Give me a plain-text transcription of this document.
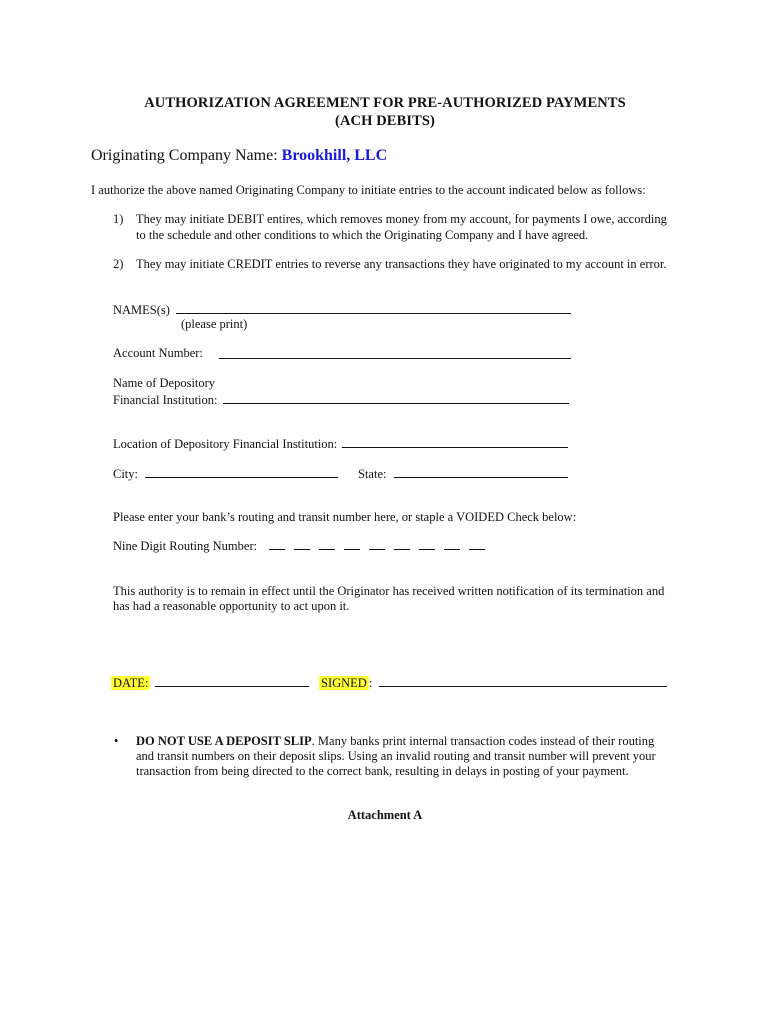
AUTHORIZATION AGREEMENT FOR PRE-AUTHORIZED PAYMENTS
(ACH DEBITS)
Originating Company Name: Brookhill, LLC
I authorize the above named Originating Company to initiate entries to the account indicated below as follows:
1) They may initiate DEBIT entires, which removes money from my account, for payments I owe, according
to the schedule and other conditions to which the Originating Company and I have agreed.
2) They may initiate CREDIT entries to reverse any transactions they have originated to my account in error.
NAMES(s)
(please print)
Account Number:
Name of Depository
Financial Institution:
Location of Depository Financial Institution:
City:	State:
Please enter your bank’s routing and transit number here, or staple a VOIDED Check below:
Nine Digit Routing Number:
This authority is to remain in effect until the Originator has received written notification of its termination and
has had a reasonable opportunity to act upon it.
DATE:	SIGNED :
• DO NOT USE A DEPOSIT SLIP. Many banks print internal transaction codes instead of their routing
and transit numbers on their deposit slips. Using an invalid routing and transit number will prevent your
transaction from being directed to the correct bank, resulting in delays in posting of your payment.
Attachment A
